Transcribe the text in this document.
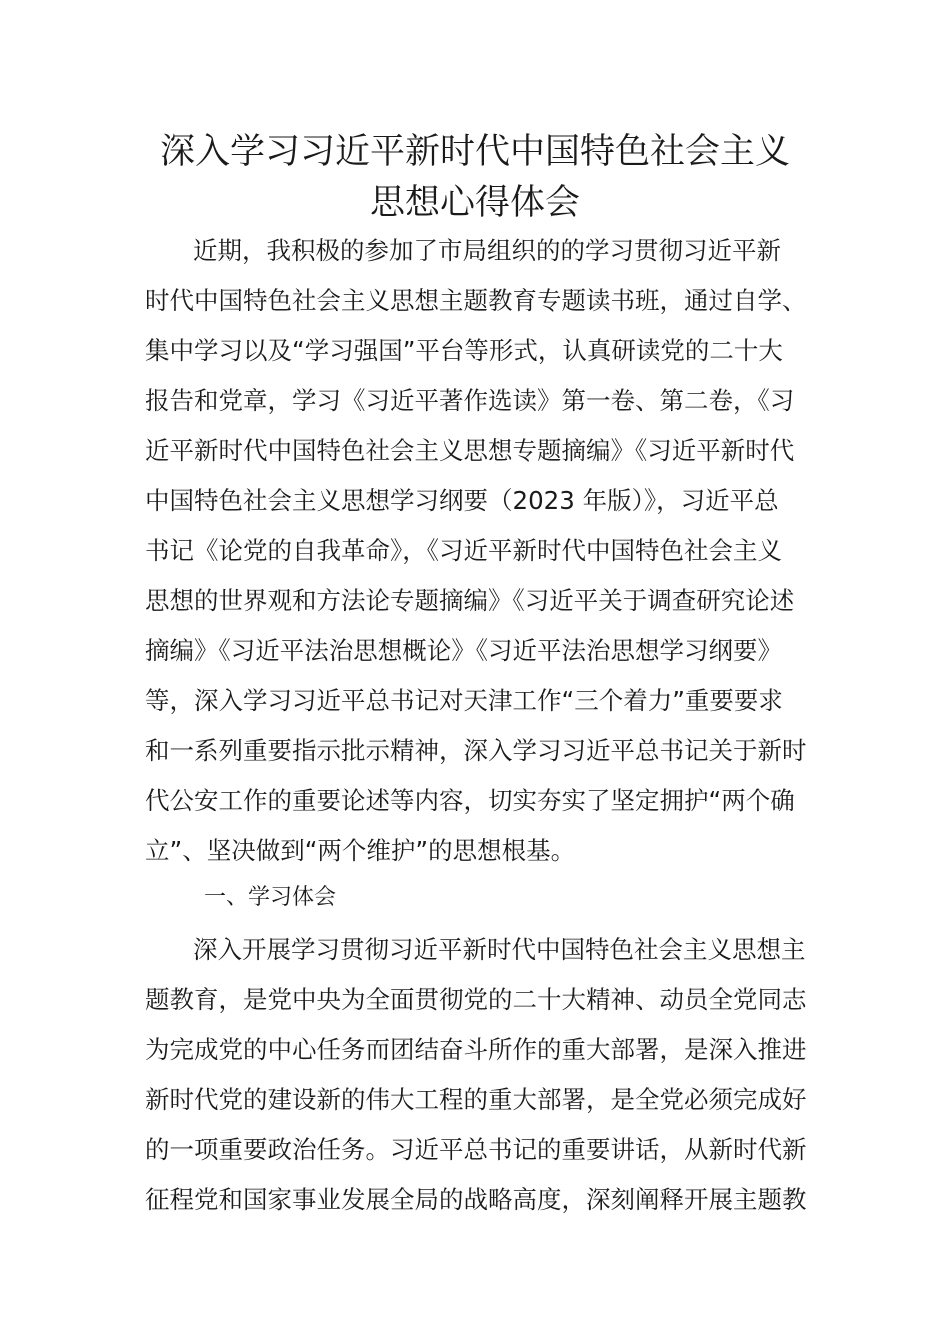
深入学习习近平新时代中国特色社会主义
思想心得体会
近期，我积极的参加了市局组织的的学习贯彻习近平新
时代中国特色社会主义思想主题教育专题读书班，通过自学、
集中学习以及“学习强国”平台等形式，认真研读党的二十大
报告和党章，学习《习近平著作选读》第一卷、第二卷，《习
近平新时代中国特色社会主义思想专题摘编》《习近平新时代
中国特色社会主义思想学习纲要（2023 年版）》，习近平总
书记《论党的自我革命》，《习近平新时代中国特色社会主义
思想的世界观和方法论专题摘编》《习近平关于调查研究论述
摘编》《习近平法治思想概论》《习近平法治思想学习纲要》
等，深入学习习近平总书记对天津工作“三个着力”重要要求
和一系列重要指示批示精神，深入学习习近平总书记关于新时
代公安工作的重要论述等内容，切实夯实了坚定拥护“两个确
立”、坚决做到“两个维护”的思想根基。
一、学习体会
深入开展学习贯彻习近平新时代中国特色社会主义思想主
题教育，是党中央为全面贯彻党的二十大精神、动员全党同志
为完成党的中心任务而团结奋斗所作的重大部署，是深入推进
新时代党的建设新的伟大工程的重大部署，是全党必须完成好
的一项重要政治任务。习近平总书记的重要讲话，从新时代新
征程党和国家事业发展全局的战略高度，深刻阐释开展主题教
